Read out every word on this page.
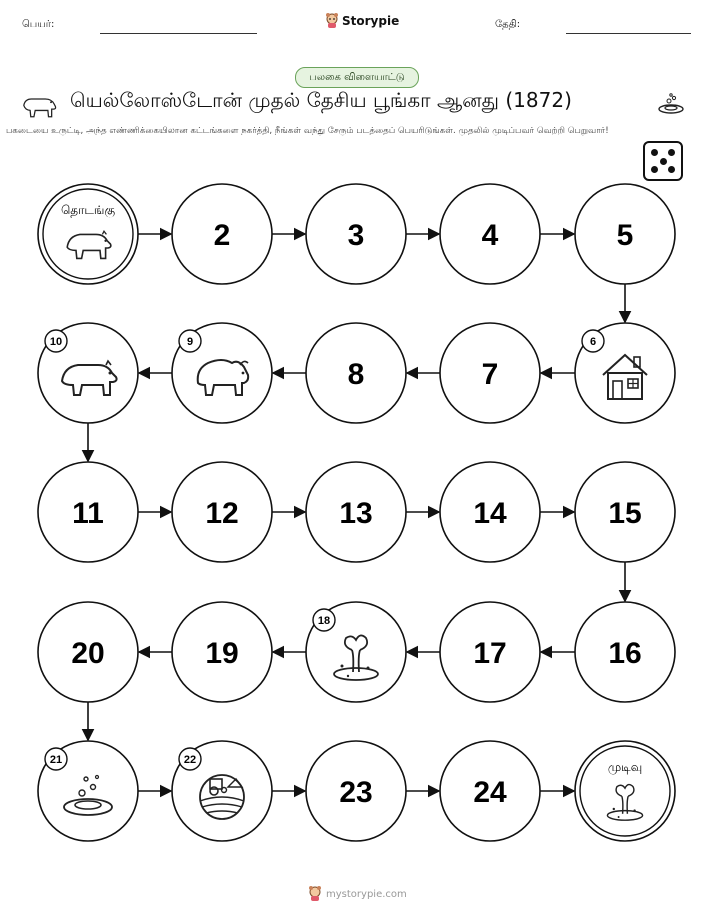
பெயர்:	Storypie	தேதி:
பலகை விளையாட்டு
யெல்லோஸ்டோன் முதல் தேசிய பூங்கா ஆனது (1872)
பகடையை உருட்டி, அந்த எண்ணிக்கையிலான கட்டங்களை நகர்த்தி, நீங்கள் வந்து சேரும் படத்தைப் பெயரிடுங்கள். முதலில் முடிப்பவர் வெற்றி பெறுவார்!
தொடங்கு
2	3	4	5
6
7
8
9
10
11	12	13	14	15
16
17
18
19
20
21	22
23	24
முடிவு
mystorypie.com
